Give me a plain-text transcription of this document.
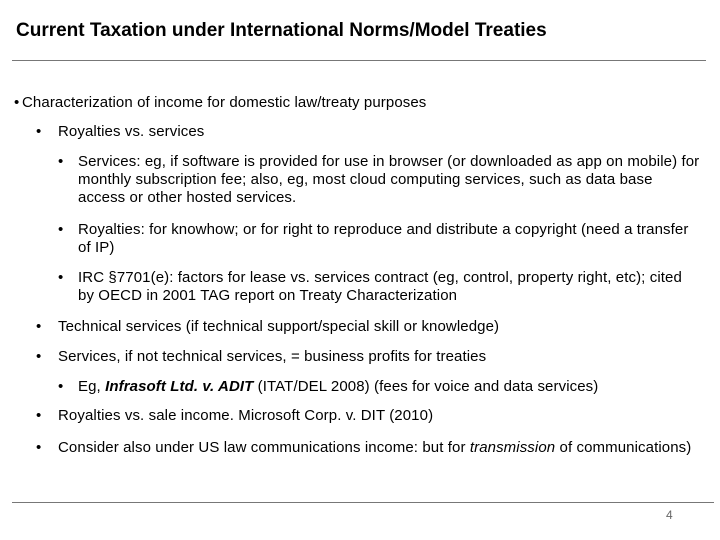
Current Taxation under International Norms/Model Treaties
• Characterization of income for domestic law/treaty purposes
•	Royalties vs. services
• Services: eg, if software is provided for use in browser (or downloaded as app on mobile) for monthly subscription fee; also, eg, most cloud computing services, such as data base access or other hosted services.
• Royalties: for knowhow; or for right to reproduce and distribute a copyright (need a transfer of IP)
• IRC §7701(e): factors for lease vs. services contract (eg, control, property right, etc); cited by OECD in 2001 TAG report on Treaty Characterization
•	Technical services (if technical support/special skill or knowledge)
•	Services, if not technical services, = business profits for treaties
• Eg, Infrasoft Ltd. v. ADIT (ITAT/DEL 2008) (fees for voice and data services)
•	Royalties vs. sale income. Microsoft Corp. v. DIT (2010)
•	Consider also under US law communications income: but for transmission of communications)
4
